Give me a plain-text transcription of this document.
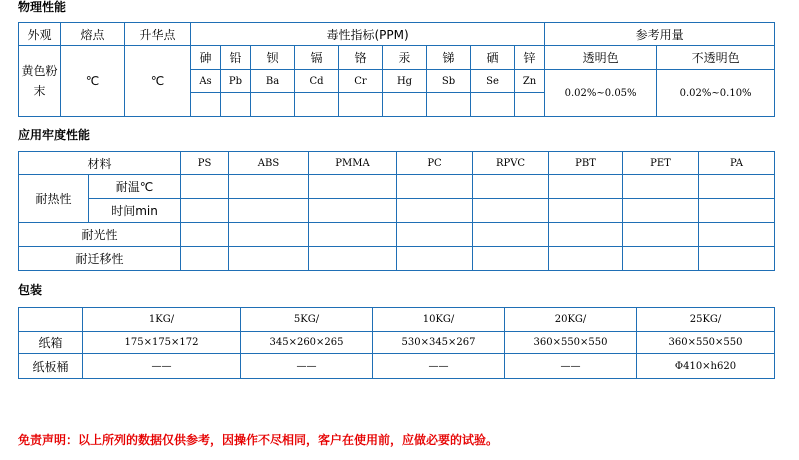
物理性能

外观	熔点	升华点	毒性指标(PPM)									参考用量	
黄色粉末	℃	℃	砷	铅	钡	镉	铬	汞	锑	硒	锌	透明色	不透明色
			As	Pb	Ba	Cd	Cr	Hg	Sb	Se	Zn	0.02%~0.05%	0.02%~0.10%

应用牢度性能

材料		PS	ABS	PMMA	PC	RPVC	PBT	PET	PA
耐热性	耐温℃								
	时间min								
耐光性									
耐迁移性									

包装

	1KG/	5KG/	10KG/	20KG/	25KG/
纸箱	175×175×172	345×260×265	530×345×267	360×550×550	360×550×550
纸板桶	——	——	——	——	Φ410×h620

免责声明：以上所列的数据仅供参考，因操作不尽相同，客户在使用前，应做必要的试验。
